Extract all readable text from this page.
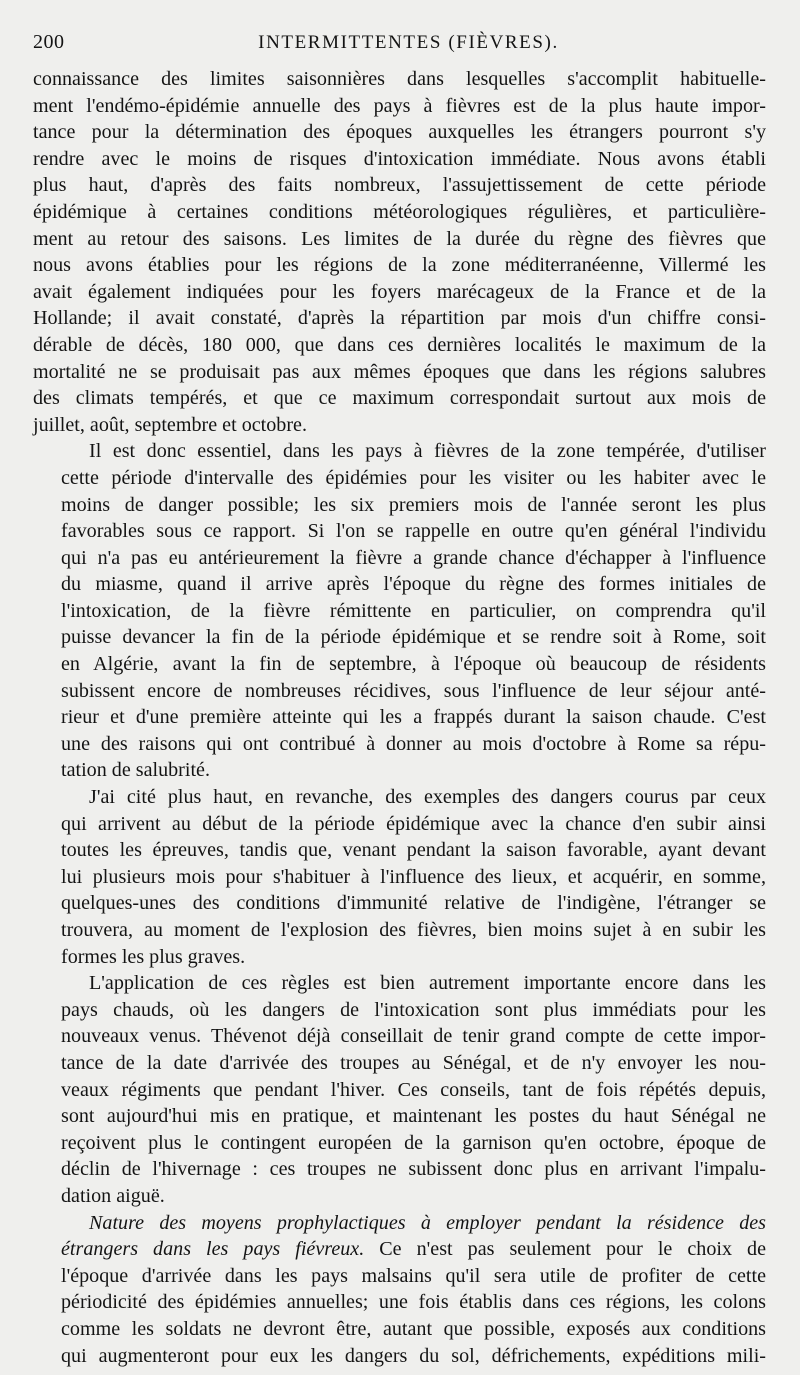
200	INTERMITTENTES (FIÈVRES).

connaissance des limites saisonnières dans lesquelles s'accomplit habituelle-
ment l'endémo-épidémie annuelle des pays à fièvres est de la plus haute impor-
tance pour la détermination des époques auxquelles les étrangers pourront s'y
rendre avec le moins de risques d'intoxication immédiate. Nous avons établi
plus haut, d'après des faits nombreux, l'assujettissement de cette période
épidémique à certaines conditions météorologiques régulières, et particulière-
ment au retour des saisons. Les limites de la durée du règne des fièvres que
nous avons établies pour les régions de la zone méditerranéenne, Villermé les
avait également indiquées pour les foyers marécageux de la France et de la
Hollande; il avait constaté, d'après la répartition par mois d'un chiffre consi-
dérable de décès, 180 000, que dans ces dernières localités le maximum de la
mortalité ne se produisait pas aux mêmes époques que dans les régions salubres
des climats tempérés, et que ce maximum correspondait surtout aux mois de
juillet, août, septembre et octobre.

Il est donc essentiel, dans les pays à fièvres de la zone tempérée, d'utiliser
cette période d'intervalle des épidémies pour les visiter ou les habiter avec le
moins de danger possible; les six premiers mois de l'année seront les plus
favorables sous ce rapport. Si l'on se rappelle en outre qu'en général l'individu
qui n'a pas eu antérieurement la fièvre a grande chance d'échapper à l'influence
du miasme, quand il arrive après l'époque du règne des formes initiales de
l'intoxication, de la fièvre rémittente en particulier, on comprendra qu'il
puisse devancer la fin de la période épidémique et se rendre soit à Rome, soit
en Algérie, avant la fin de septembre, à l'époque où beaucoup de résidents
subissent encore de nombreuses récidives, sous l'influence de leur séjour anté-
rieur et d'une première atteinte qui les a frappés durant la saison chaude. C'est
une des raisons qui ont contribué à donner au mois d'octobre à Rome sa répu-
tation de salubrité.

J'ai cité plus haut, en revanche, des exemples des dangers courus par ceux
qui arrivent au début de la période épidémique avec la chance d'en subir ainsi
toutes les épreuves, tandis que, venant pendant la saison favorable, ayant devant
lui plusieurs mois pour s'habituer à l'influence des lieux, et acquérir, en somme,
quelques-unes des conditions d'immunité relative de l'indigène, l'étranger se
trouvera, au moment de l'explosion des fièvres, bien moins sujet à en subir les
formes les plus graves.

L'application de ces règles est bien autrement importante encore dans les
pays chauds, où les dangers de l'intoxication sont plus immédiats pour les
nouveaux venus. Thévenot déjà conseillait de tenir grand compte de cette impor-
tance de la date d'arrivée des troupes au Sénégal, et de n'y envoyer les nou-
veaux régiments que pendant l'hiver. Ces conseils, tant de fois répétés depuis,
sont aujourd'hui mis en pratique, et maintenant les postes du haut Sénégal ne
reçoivent plus le contingent européen de la garnison qu'en octobre, époque de
déclin de l'hivernage : ces troupes ne subissent donc plus en arrivant l'impalu-
dation aiguë.

Nature des moyens prophylactiques à employer pendant la résidence des
étrangers dans les pays fiévreux. Ce n'est pas seulement pour le choix de
l'époque d'arrivée dans les pays malsains qu'il sera utile de profiter de cette
périodicité des épidémies annuelles; une fois établis dans ces régions, les colons
comme les soldats ne devront être, autant que possible, exposés aux conditions
qui augmenteront pour eux les dangers du sol, défrichements, expéditions mili-
